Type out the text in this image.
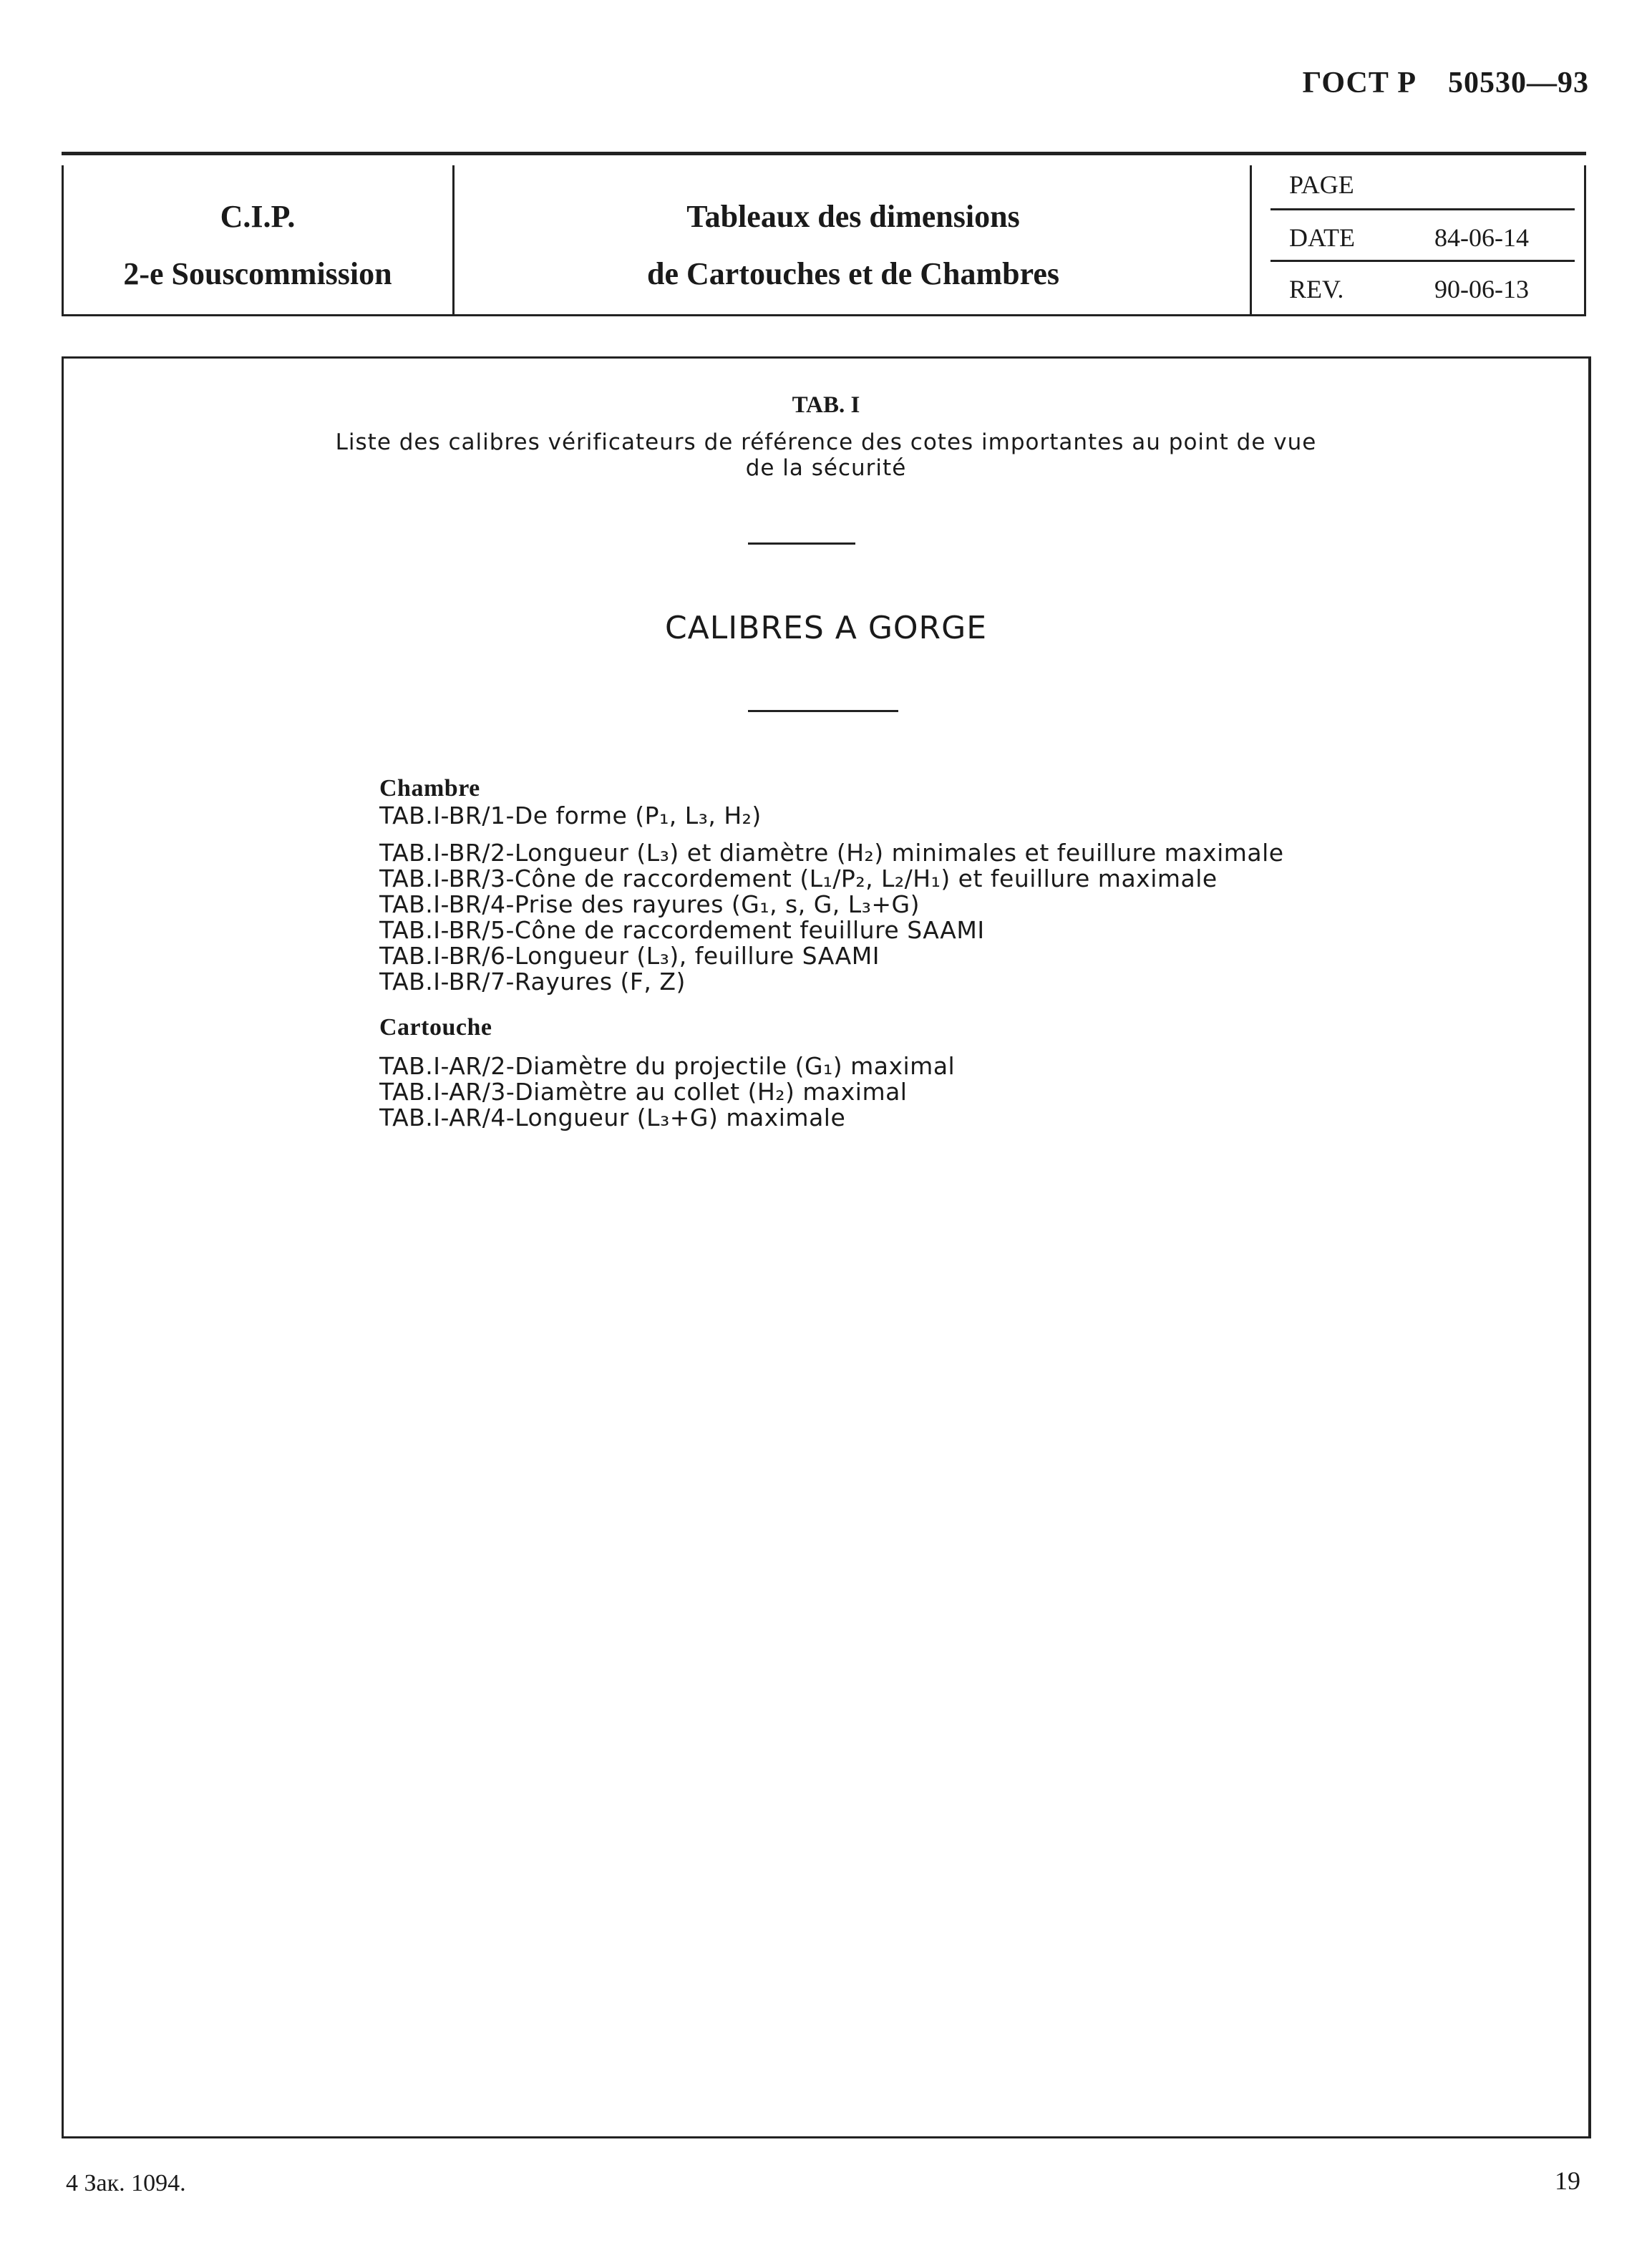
ГОСТ Р 50530—93
C.I.P.
2-e Souscommission
Tableaux des dimensions
de Cartouches et de Chambres
PAGE
DATE	84-06-14
REV.	90-06-13
TAB. I
Liste des calibres vérificateurs de référence des cotes importantes au point de vue
de la sécurité
CALIBRES A GORGE
Chambre
TAB.I-BR/1-De forme (P₁, L₃, H₂)
TAB.I-BR/2-Longueur (L₃) et diamètre (H₂) minimales et feuillure maximale
TAB.I-BR/3-Cône de raccordement (L₁/P₂, L₂/H₁) et feuillure maximale
TAB.I-BR/4-Prise des rayures (G₁, s, G, L₃+G)
TAB.I-BR/5-Cône de raccordement feuillure SAAMI
TAB.I-BR/6-Longueur (L₃), feuillure SAAMI
TAB.I-BR/7-Rayures (F, Z)
Cartouche
TAB.I-AR/2-Diamètre du projectile (G₁) maximal
TAB.I-AR/3-Diamètre au collet (H₂) maximal
TAB.I-AR/4-Longueur (L₃+G) maximale
4 Зак. 1094.	19
